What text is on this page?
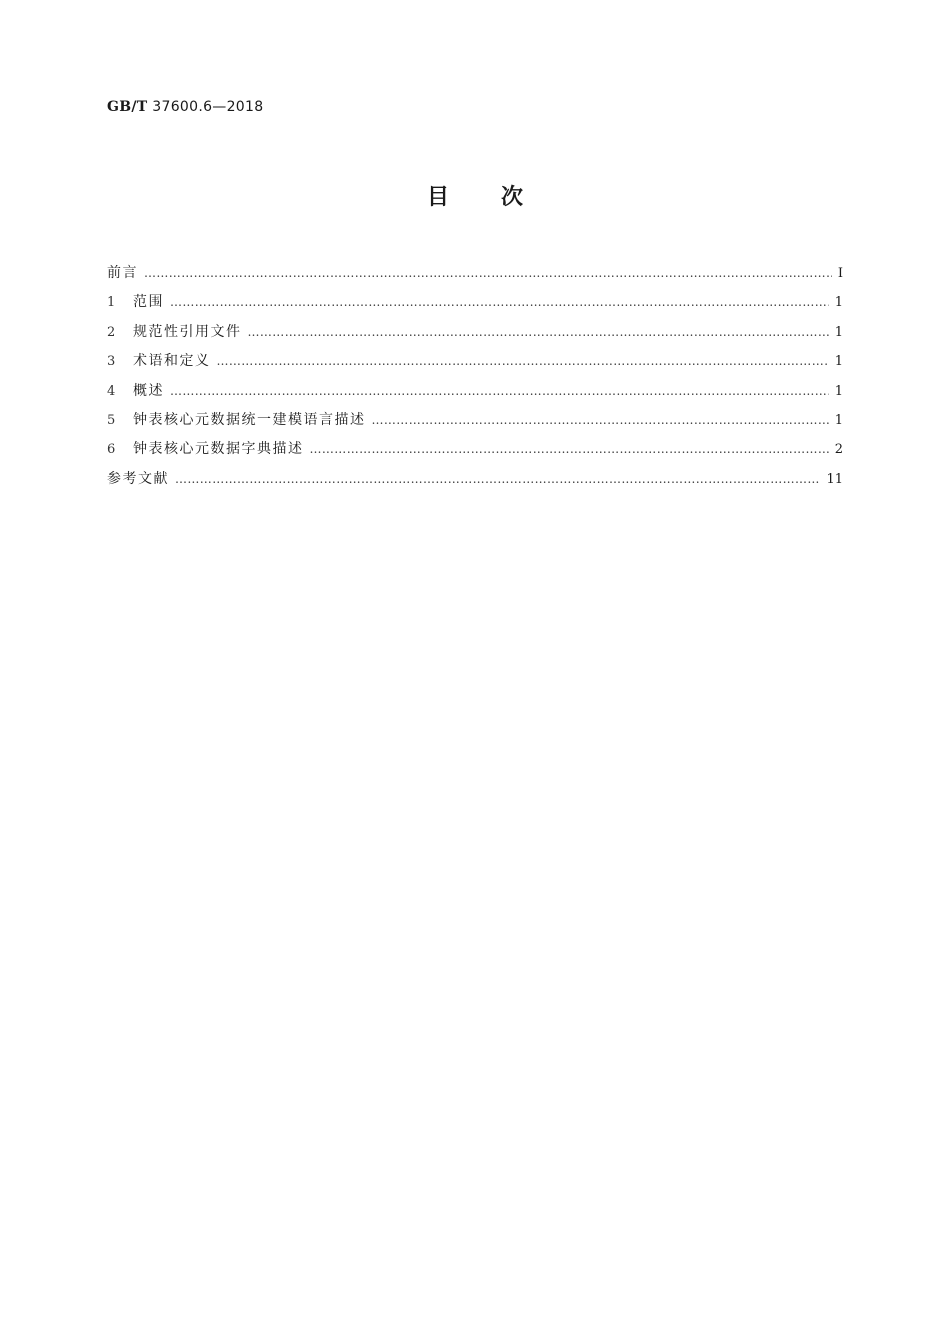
GB/T 37600.6—2018
目次
前言 ………………………………………………………………………………………………………………………………………………………………………………………………	Ⅰ
1	范围 ………………………………………………………………………………………………………………………………………………………………………………………………	1
2	规范性引用文件 ………………………………………………………………………………………………………………………………………………………………………………………………	1
3	术语和定义 ………………………………………………………………………………………………………………………………………………………………………………………………	1
4	概述 ………………………………………………………………………………………………………………………………………………………………………………………………	1
5	钟表核心元数据统一建模语言描述 ………………………………………………………………………………………………………………………………………………………………………………………………	1
6	钟表核心元数据字典描述 ………………………………………………………………………………………………………………………………………………………………………………………………	2
参考文献 ………………………………………………………………………………………………………………………………………………………………………………………………	11
